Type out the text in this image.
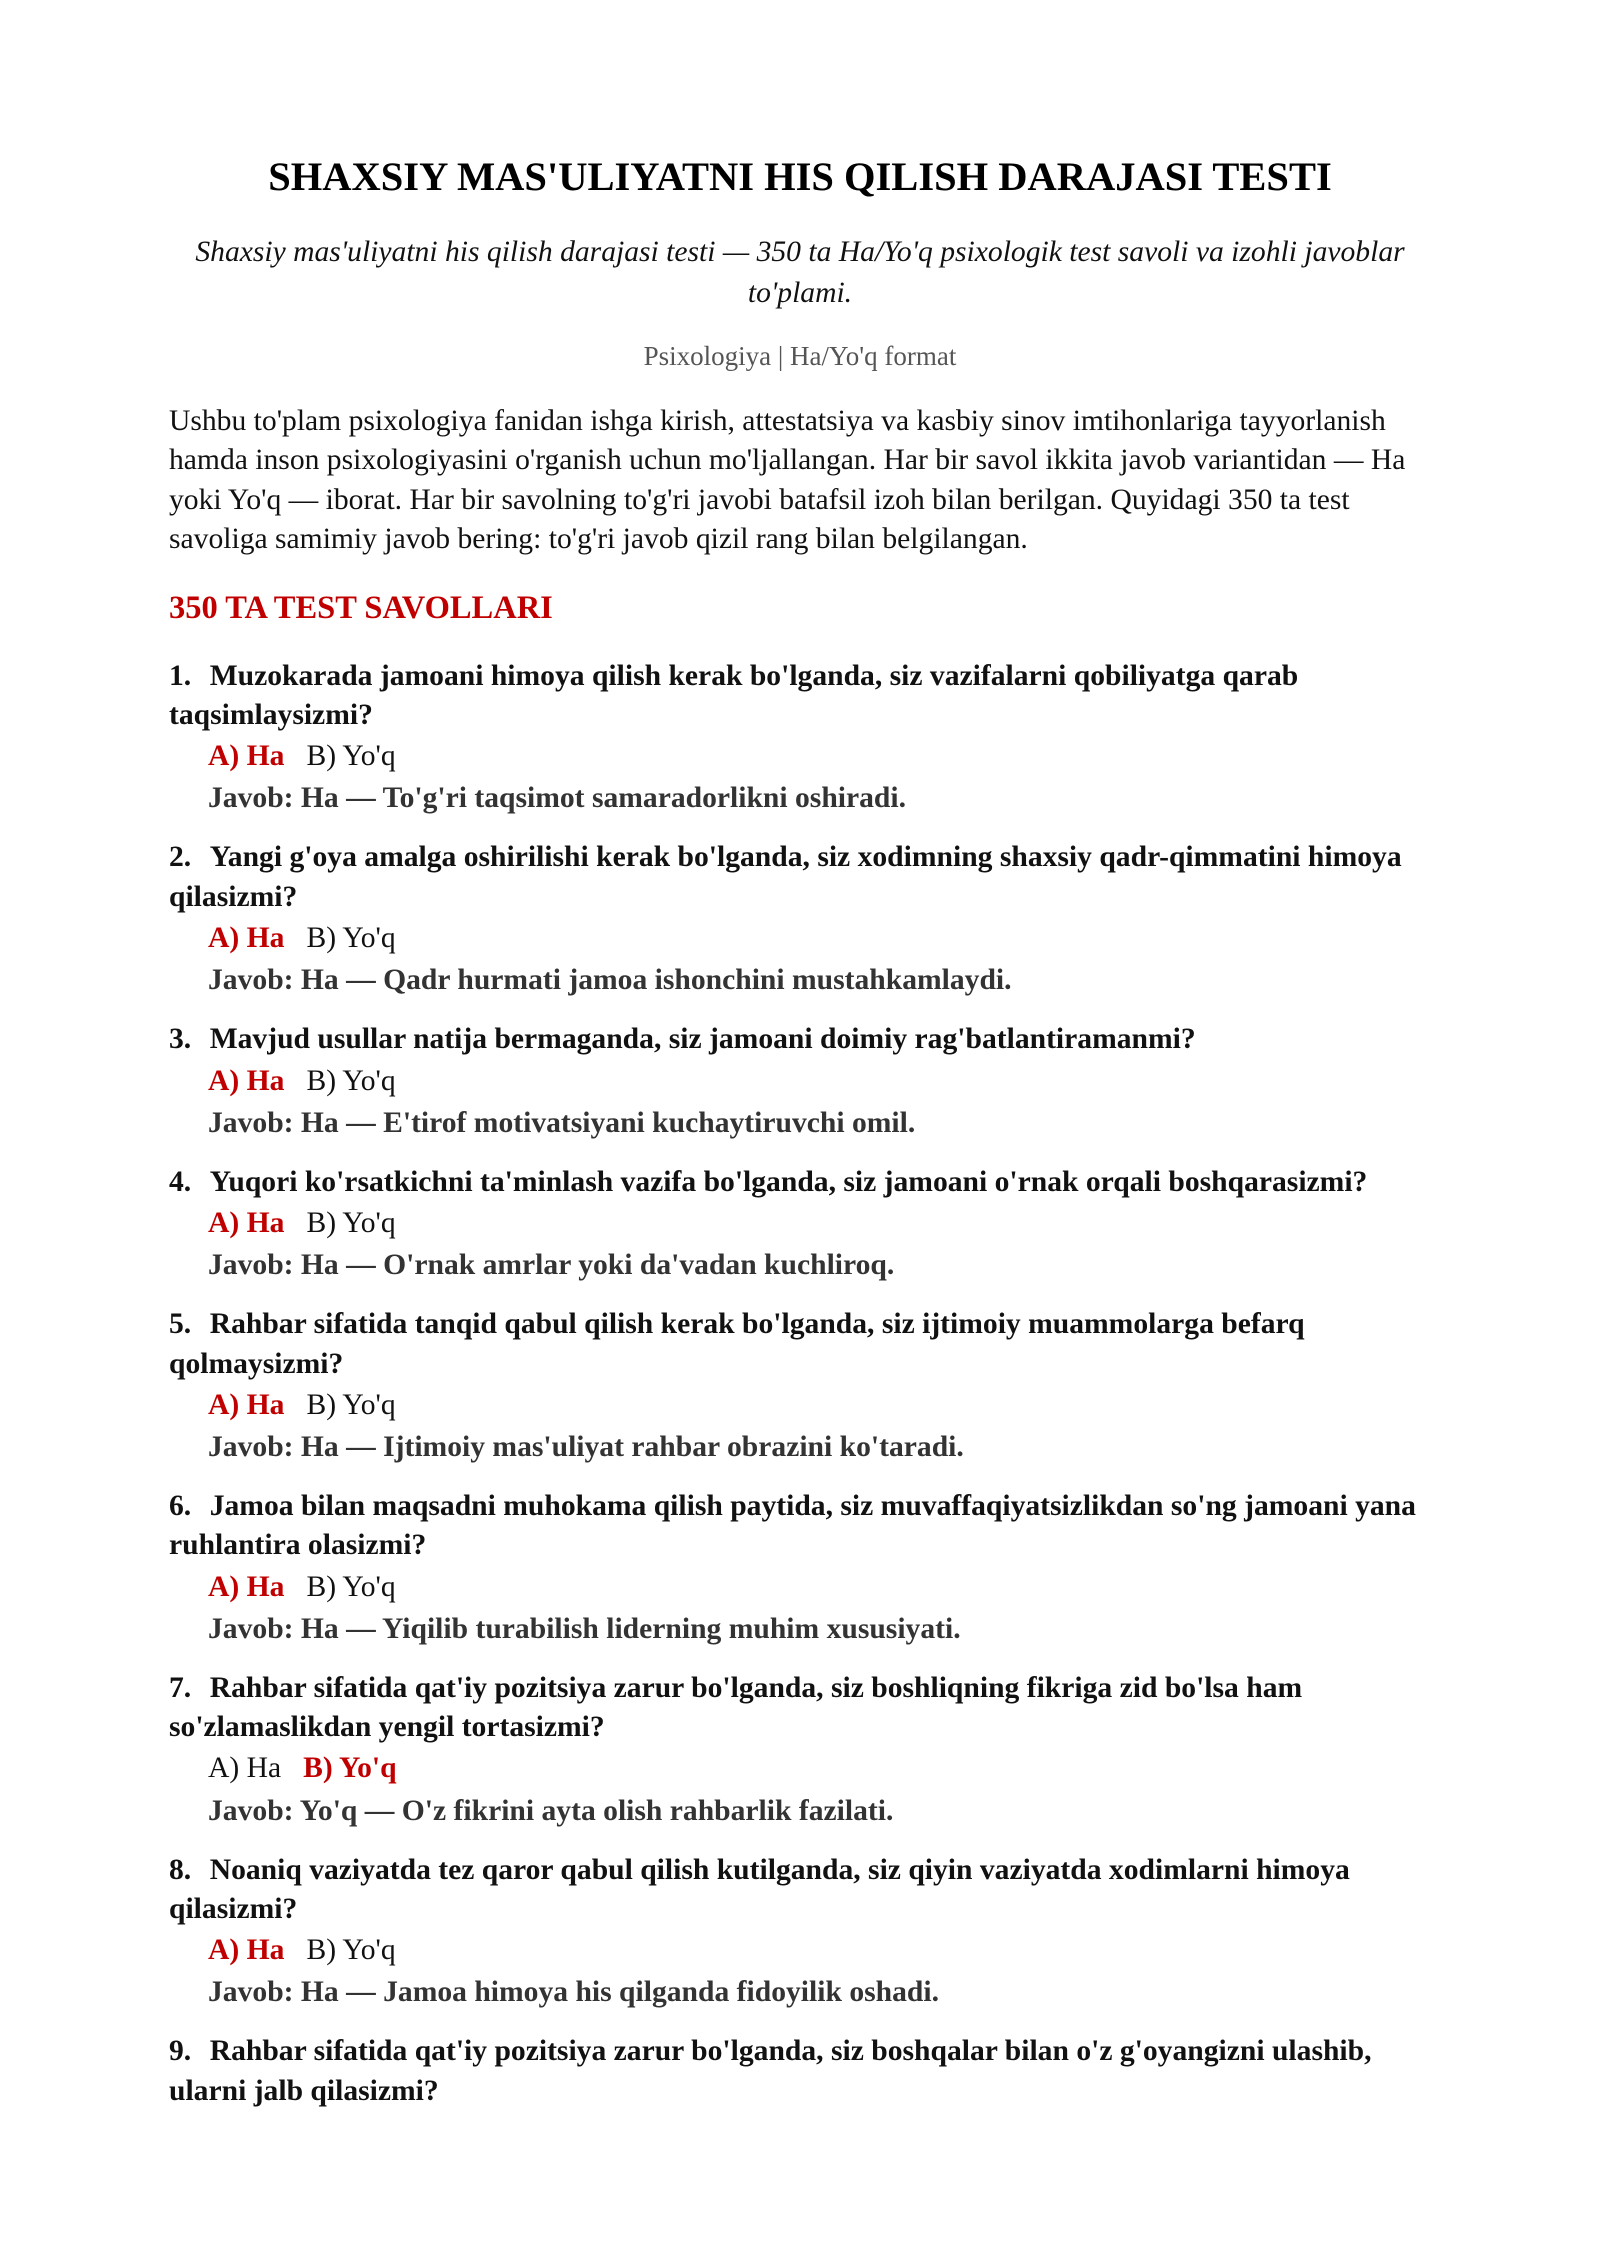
SHAXSIY MAS'ULIYATNI HIS QILISH DARAJASI TESTI

Shaxsiy mas'uliyatni his qilish darajasi testi — 350 ta Ha/Yo'q psixologik test savoli va izohli javoblar to'plami.

Psixologiya | Ha/Yo'q format

Ushbu to'plam psixologiya fanidan ishga kirish, attestatsiya va kasbiy sinov imtihonlariga tayyorlanish hamda inson psixologiyasini o'rganish uchun mo'ljallangan. Har bir savol ikkita javob variantidan — Ha yoki Yo'q — iborat. Har bir savolning to'g'ri javobi batafsil izoh bilan berilgan. Quyidagi 350 ta test savoliga samimiy javob bering: to'g'ri javob qizil rang bilan belgilangan.

350 TA TEST SAVOLLARI

1. Muzokarada jamoani himoya qilish kerak bo'lganda, siz vazifalarni qobiliyatga qarab taqsimlaysizmi?

A) Ha B) Yo'q
Javob: Ha — To'g'ri taqsimot samaradorlikni oshiradi.

2. Yangi g'oya amalga oshirilishi kerak bo'lganda, siz xodimning shaxsiy qadr-qimmatini himoya qilasizmi?

A) Ha B) Yo'q
Javob: Ha — Qadr hurmati jamoa ishonchini mustahkamlaydi.

3. Mavjud usullar natija bermaganda, siz jamoani doimiy rag'batlantiramanmi?

A) Ha B) Yo'q
Javob: Ha — E'tirof motivatsiyani kuchaytiruvchi omil.

4. Yuqori ko'rsatkichni ta'minlash vazifa bo'lganda, siz jamoani o'rnak orqali boshqarasizmi?

A) Ha B) Yo'q
Javob: Ha — O'rnak amrlar yoki da'vadan kuchliroq.

5. Rahbar sifatida tanqid qabul qilish kerak bo'lganda, siz ijtimoiy muammolarga befarq qolmaysizmi?

A) Ha B) Yo'q
Javob: Ha — Ijtimoiy mas'uliyat rahbar obrazini ko'taradi.

6. Jamoa bilan maqsadni muhokama qilish paytida, siz muvaffaqiyatsizlikdan so'ng jamoani yana ruhlantira olasizmi?

A) Ha B) Yo'q
Javob: Ha — Yiqilib turabilish liderning muhim xususiyati.

7. Rahbar sifatida qat'iy pozitsiya zarur bo'lganda, siz boshliqning fikriga zid bo'lsa ham so'zlamaslikdan yengil tortasizmi?

A) Ha B) Yo'q
Javob: Yo'q — O'z fikrini ayta olish rahbarlik fazilati.

8. Noaniq vaziyatda tez qaror qabul qilish kutilganda, siz qiyin vaziyatda xodimlarni himoya qilasizmi?

A) Ha B) Yo'q
Javob: Ha — Jamoa himoya his qilganda fidoyilik oshadi.

9. Rahbar sifatida qat'iy pozitsiya zarur bo'lganda, siz boshqalar bilan o'z g'oyangizni ulashib, ularni jalb qilasizmi?
